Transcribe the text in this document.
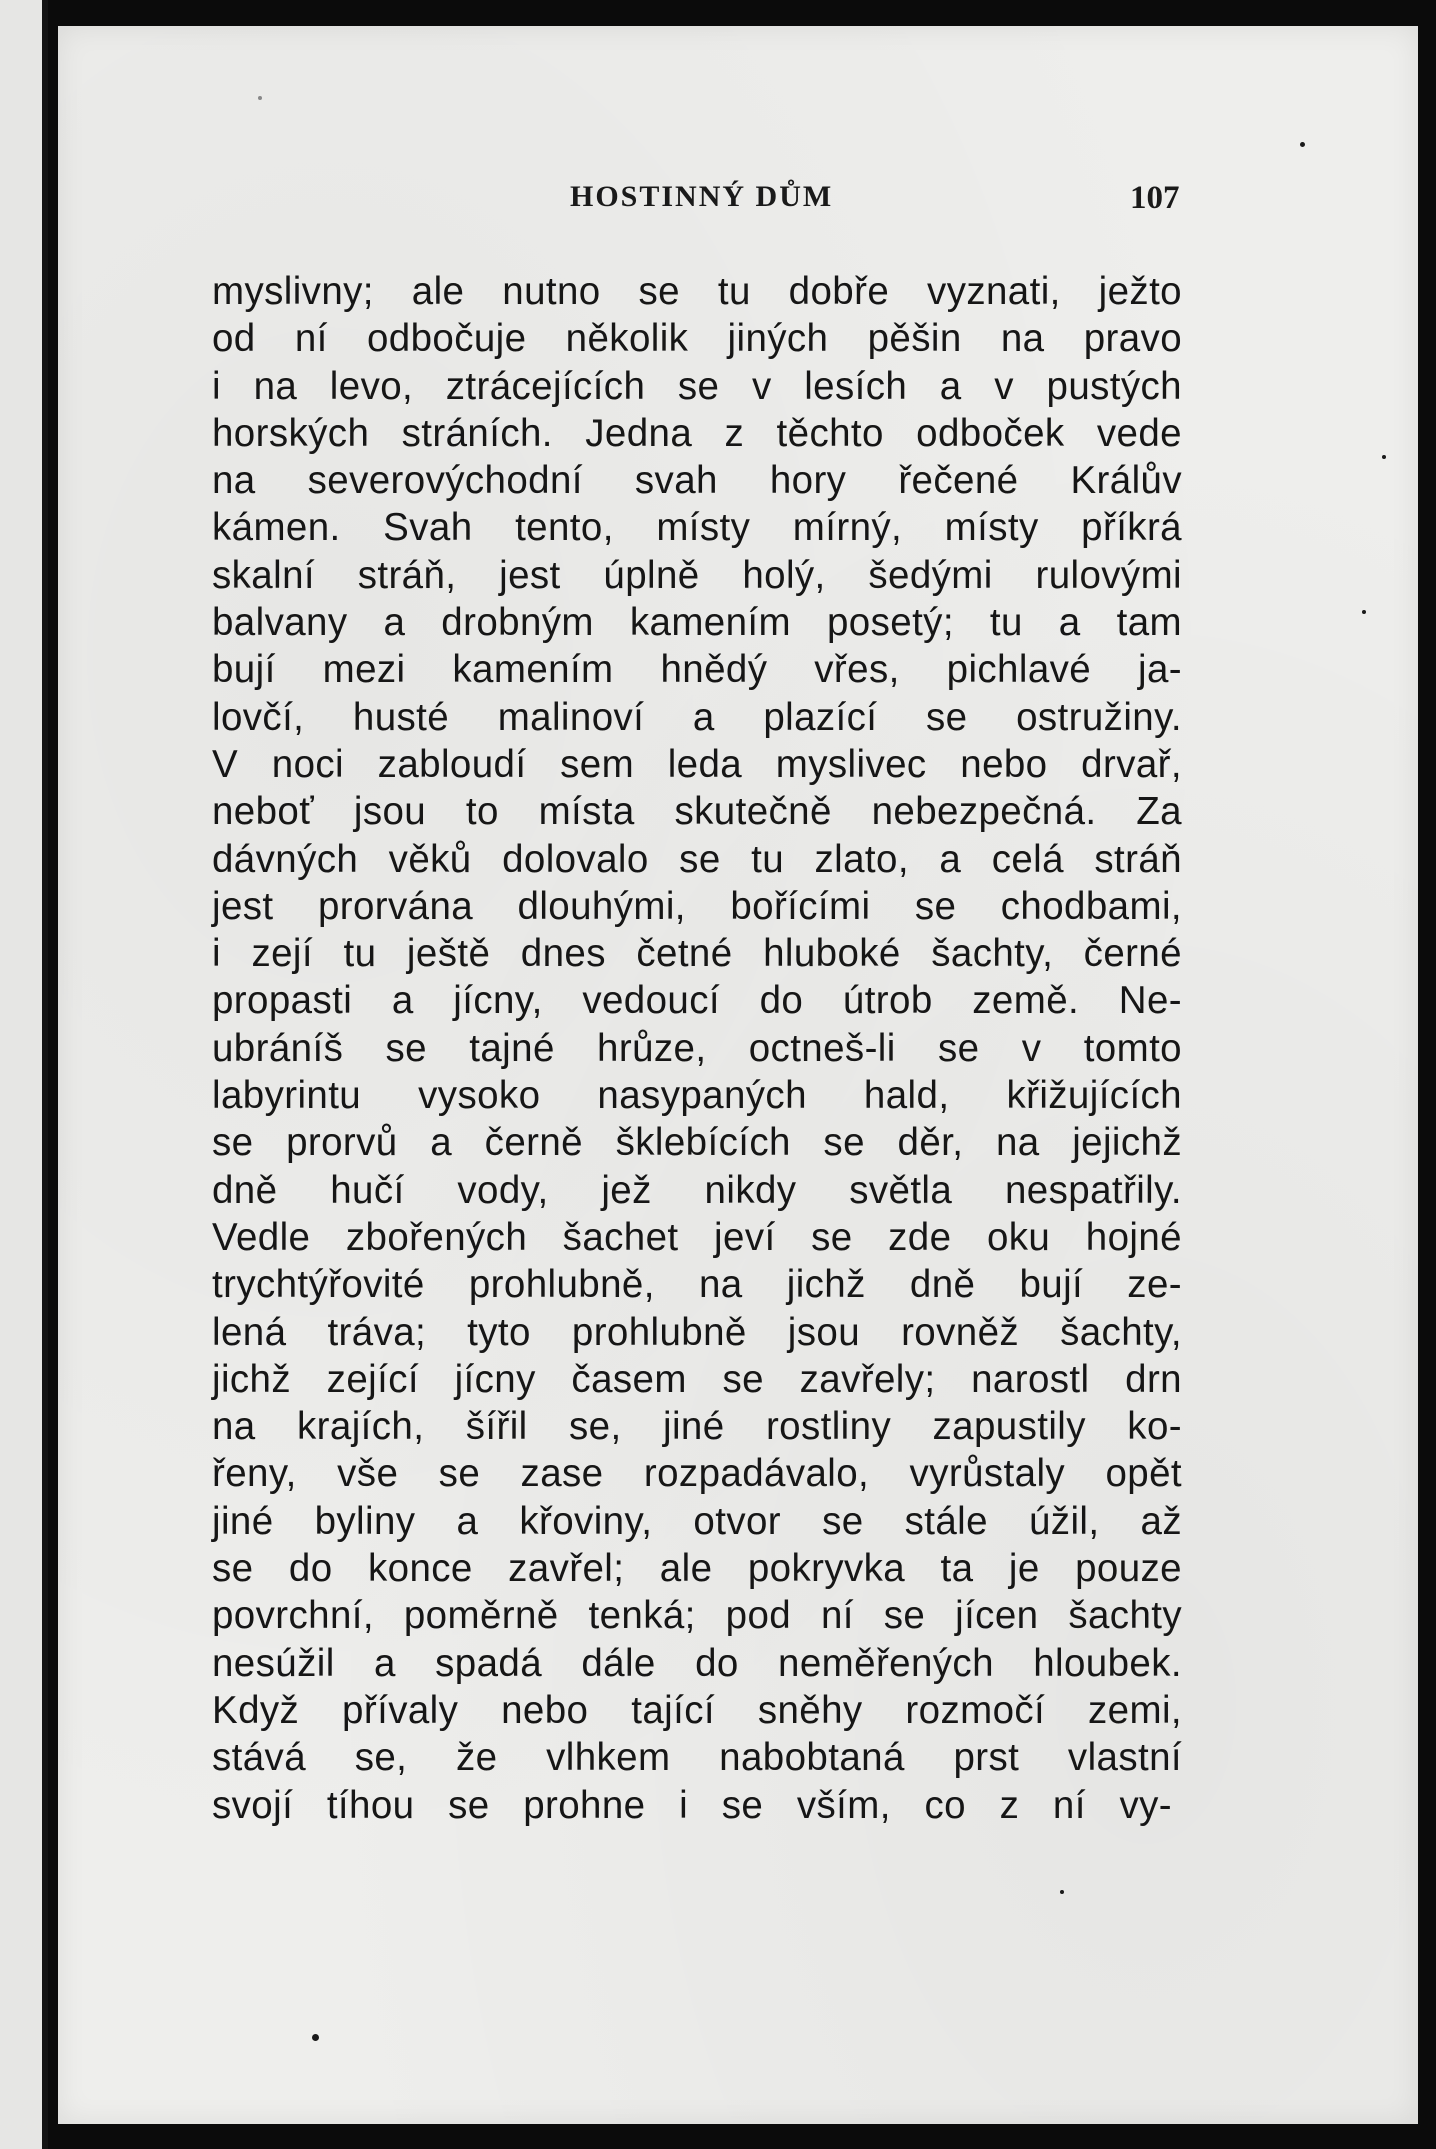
HOSTINNÝ DŮM	107
myslivny; ale nutno se tu dobře vyznati, ježto
od ní odbočuje několik jiných pěšin na pravo
i na levo, ztrácejících se v lesích a v pustých
horských stráních. Jedna z těchto odboček vede
na severovýchodní svah hory řečené Králův
kámen. Svah tento, místy mírný, místy příkrá
skalní stráň, jest úplně holý, šedými rulovými
balvany a drobným kamením posetý; tu a tam
bují mezi kamením hnědý vřes, pichlavé ja-
lovčí, husté malinoví a plazící se ostružiny.
V noci zabloudí sem leda myslivec nebo drvař,
neboť jsou to místa skutečně nebezpečná. Za
dávných věků dolovalo se tu zlato, a celá stráň
jest prorvána dlouhými, bořícími se chodbami,
i zejí tu ještě dnes četné hluboké šachty, černé
propasti a jícny, vedoucí do útrob země. Ne-
ubráníš se tajné hrůze, octneš-li se v tomto
labyrintu vysoko nasypaných hald, křižujících
se prorvů a černě šklebících se děr, na jejichž
dně hučí vody, jež nikdy světla nespatřily.
Vedle zbořených šachet jeví se zde oku hojné
trychtýřovité prohlubně, na jichž dně bují ze-
lená tráva; tyto prohlubně jsou rovněž šachty,
jichž zející jícny časem se zavřely; narostl drn
na krajích, šířil se, jiné rostliny zapustily ko-
řeny, vše se zase rozpadávalo, vyrůstaly opět
jiné byliny a křoviny, otvor se stále úžil, až
se do konce zavřel; ale pokryvka ta je pouze
povrchní, poměrně tenká; pod ní se jícen šachty
nesúžil a spadá dále do neměřených hloubek.
Když přívaly nebo tající sněhy rozmočí zemi,
stává se, že vlhkem nabobtaná prst vlastní
svojí tíhou se prohne i se vším, co z ní vy-
